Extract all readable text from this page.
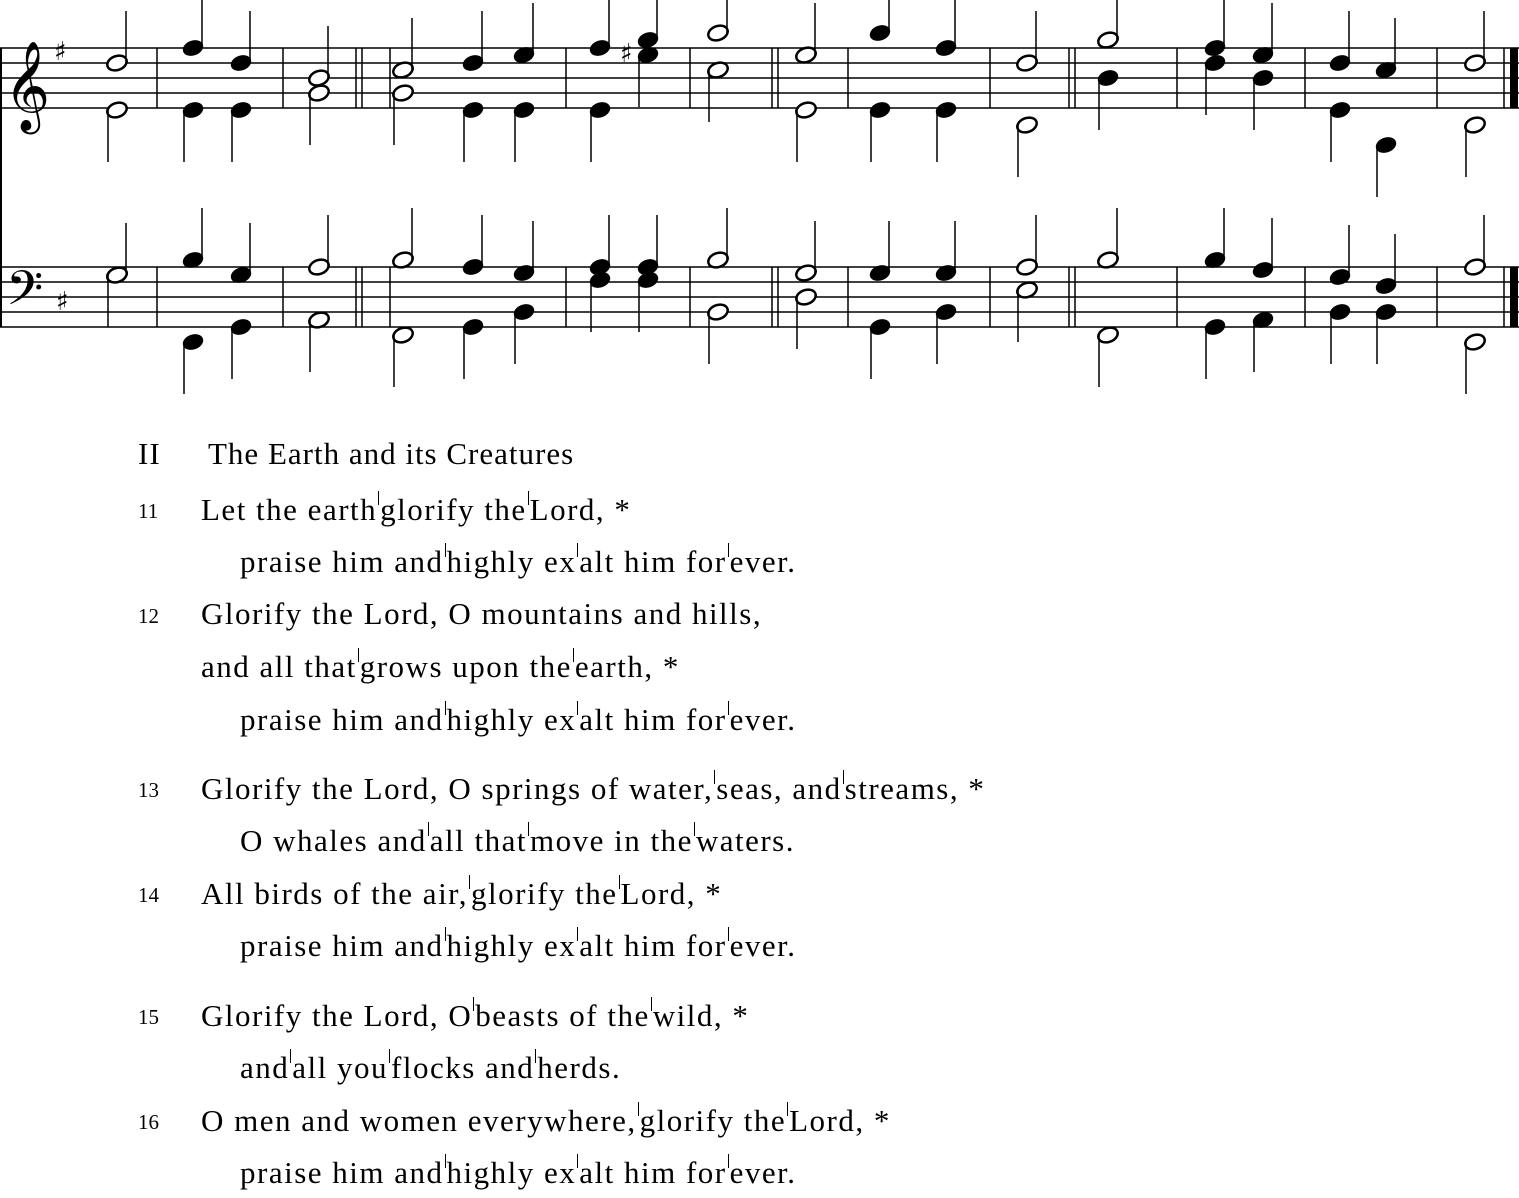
𝄞
𝄢
♯
♯
♯
II The Earth and its Creatures
11 Let the earthglorify theLord, *
praise him andhighly exalt him forever.
12 Glorify the Lord, O mountains and hills,
and all thatgrows upon theearth, *
praise him andhighly exalt him forever.
13 Glorify the Lord, O springs of water,seas, andstreams, *
O whales andall thatmove in thewaters.
14 All birds of the air,glorify theLord, *
praise him andhighly exalt him forever.
15 Glorify the Lord, Obeasts of thewild, *
andall youflocks andherds.
16 O men and women everywhere,glorify theLord, *
praise him andhighly exalt him forever.
